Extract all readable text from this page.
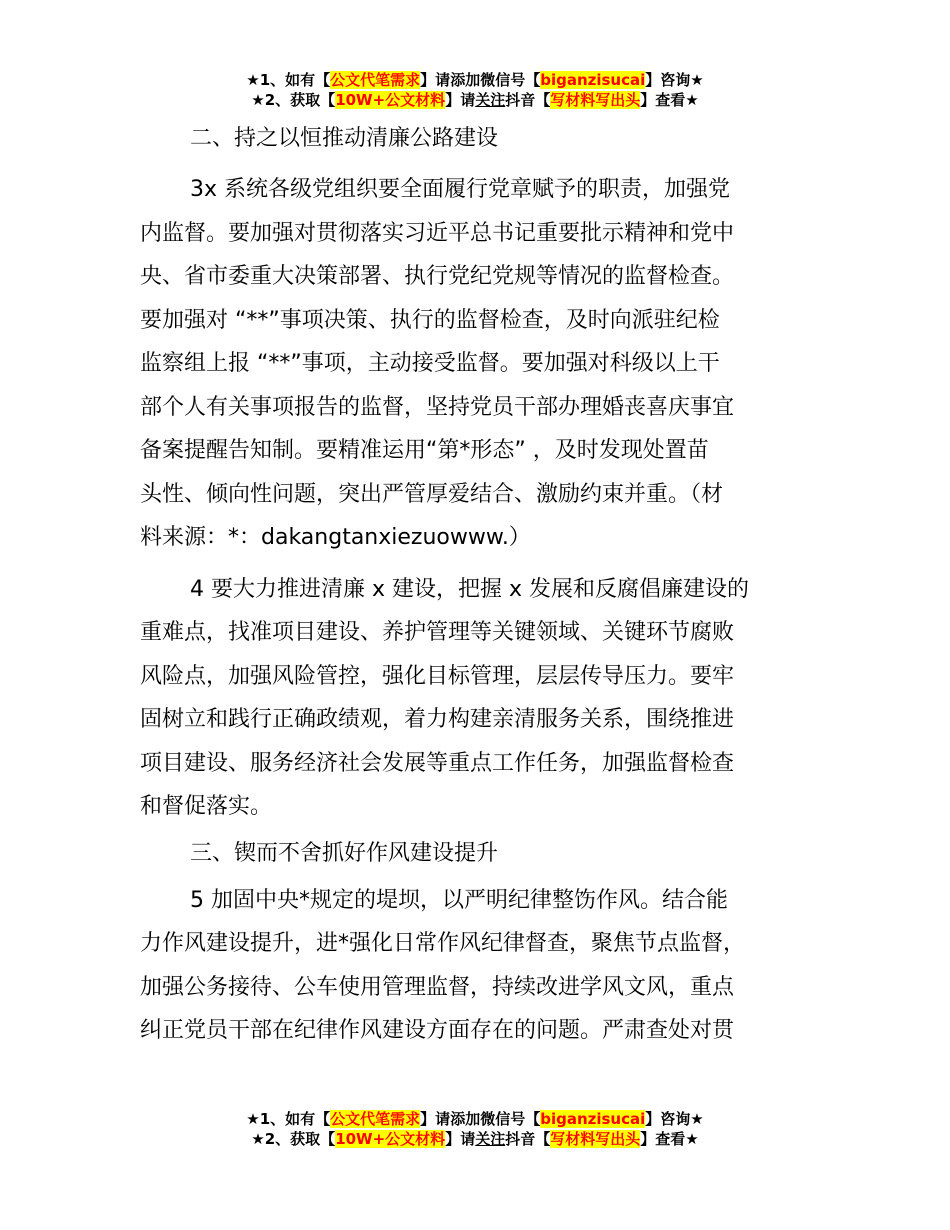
★1、如有【公文代笔需求】请添加微信号【biganzisucai】咨询★
★2、获取【10W+公文材料】请关注抖音【写材料写出头】查看★

二、持之以恒推动清廉公路建设

3x 系统各级党组织要全面履行党章赋予的职责，加强党
内监督。要加强对贯彻落实习近平总书记重要批示精神和党中
央、省市委重大决策部署、执行党纪党规等情况的监督检查。
要加强对 “**”事项决策、执行的监督检查，及时向派驻纪检
监察组上报 “**”事项，主动接受监督。要加强对科级以上干
部个人有关事项报告的监督，坚持党员干部办理婚丧喜庆事宜
备案提醒告知制。要精准运用“第*形态” ，及时发现处置苗
头性、倾向性问题，突出严管厚爱结合、激励约束并重。（材
料来源：*：dakangtanxiezuowww.）

4 要大力推进清廉 x 建设，把握 x 发展和反腐倡廉建设的
重难点，找准项目建设、养护管理等关键领域、关键环节腐败
风险点，加强风险管控，强化目标管理，层层传导压力。要牢
固树立和践行正确政绩观，着力构建亲清服务关系，围绕推进
项目建设、服务经济社会发展等重点工作任务，加强监督检查
和督促落实。

三、锲而不舍抓好作风建设提升

5 加固中央*规定的堤坝，以严明纪律整饬作风。结合能
力作风建设提升，进*强化日常作风纪律督查，聚焦节点监督，
加强公务接待、公车使用管理监督，持续改进学风文风，重点
纠正党员干部在纪律作风建设方面存在的问题。严肃查处对贯

★1、如有【公文代笔需求】请添加微信号【biganzisucai】咨询★
★2、获取【10W+公文材料】请关注抖音【写材料写出头】查看★
